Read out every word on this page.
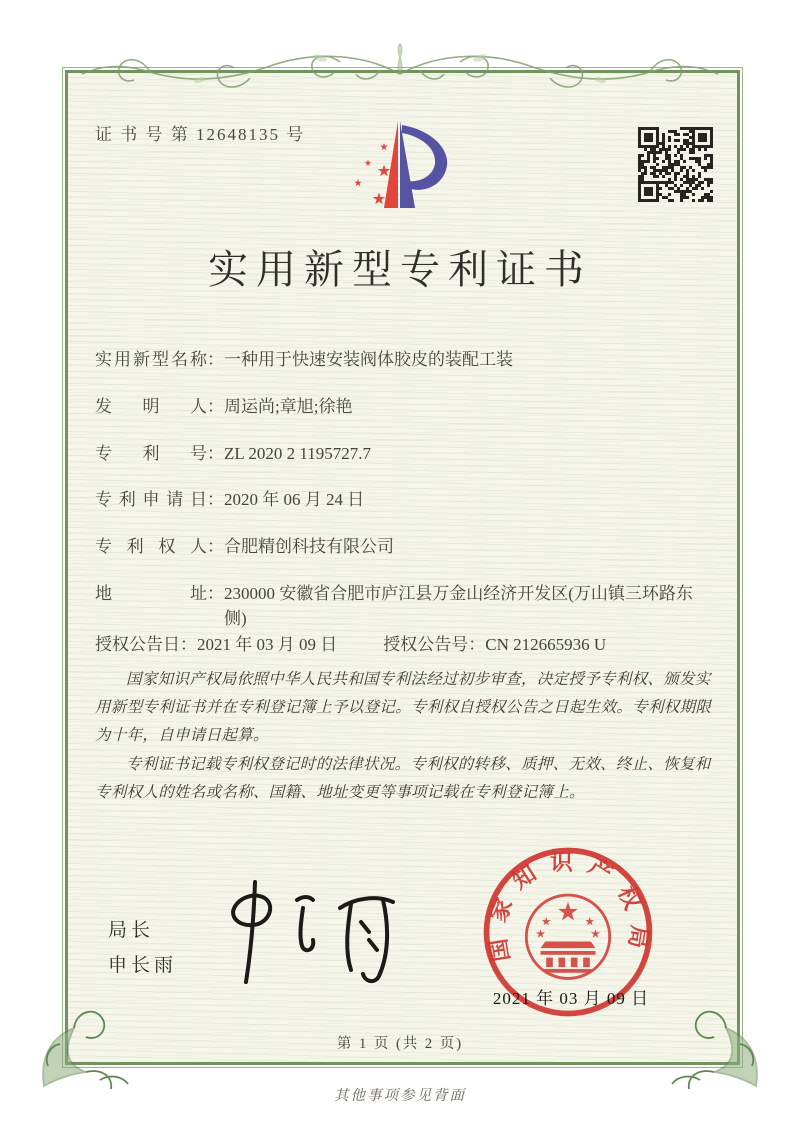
证 书 号 第 12648135 号
实用新型专利证书
实用新型名称 ： 一种用于快速安装阀体胶皮的装配工装
发明人 ： 周运尚;章旭;徐艳
专利号 ： ZL 2020 2 1195727.7
专利申请日 ： 2020 年 06 月 24 日
专利权人 ： 合肥精创科技有限公司
地址 ： 230000 安徽省合肥市庐江县万金山经济开发区(万山镇三环路东侧)
授权公告日 ： 2021 年 03 月 09 日	授权公告号 ： CN 212665936 U

国家知识产权局依照中华人民共和国专利法经过初步审查，决定授予专利权、颁发实用新型专利证书并在专利登记簿上予以登记。专利权自授权公告之日起生效。专利权期限为十年，自申请日起算。

专利证书记载专利权登记时的法律状况。专利权的转移、质押、无效、终止、恢复和专利权人的姓名或名称、国籍、地址变更等事项记载在专利登记簿上。

局长
申长雨
国家知识产权局
2021 年 03 月 09 日
第 1 页 (共 2 页)
其他事项参见背面
